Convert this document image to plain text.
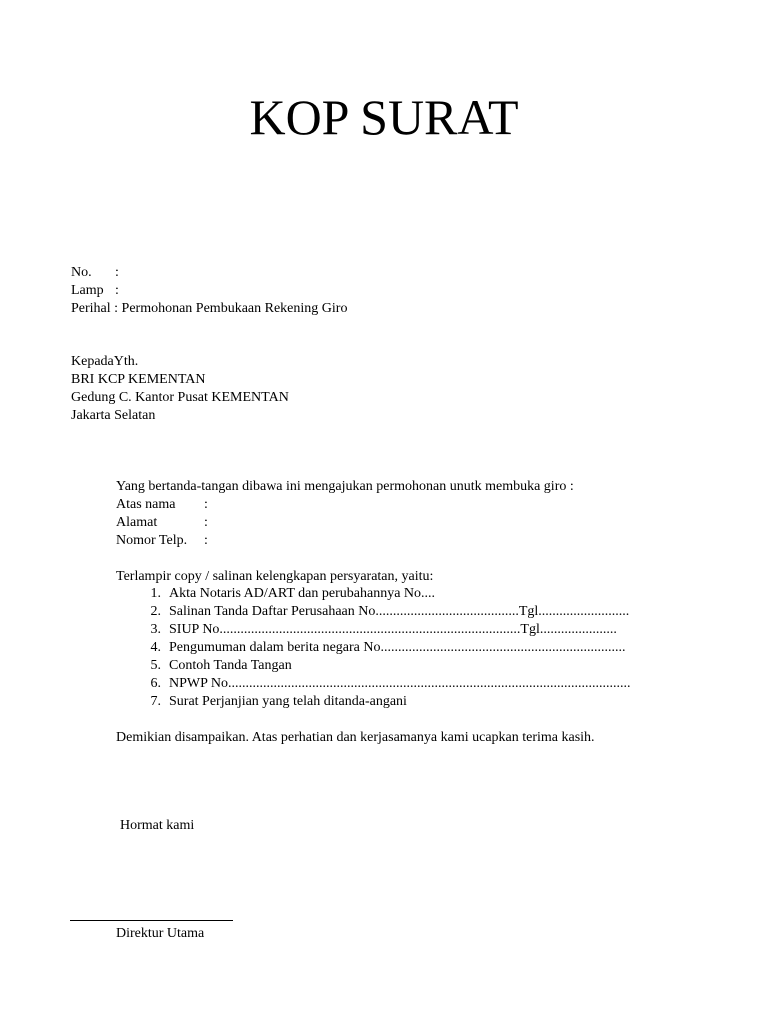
KOP SURAT
No. :
Lamp :
Perihal : Permohonan Pembukaan Rekening Giro
KepadaYth.
BRI KCP KEMENTAN
Gedung C. Kantor Pusat KEMENTAN
Jakarta Selatan
Yang bertanda-tangan dibawa ini mengajukan permohonan unutk membuka giro :
Atas nama :
Alamat	:
Nomor Telp. :
Terlampir copy / salinan kelengkapan persyaratan, yaitu:
1. Akta Notaris AD/ART dan perubahannya No....
2. Salinan Tanda Daftar Perusahaan No.........................................Tgl..........................
3. SIUP No......................................................................................Tgl......................
4. Pengumuman dalam berita negara No......................................................................
5. Contoh Tanda Tangan
6. NPWP No...................................................................................................................
7. Surat Perjanjian yang telah ditanda-angani
Demikian disampaikan. Atas perhatian dan kerjasamanya kami ucapkan terima kasih.
Hormat kami
Direktur Utama
